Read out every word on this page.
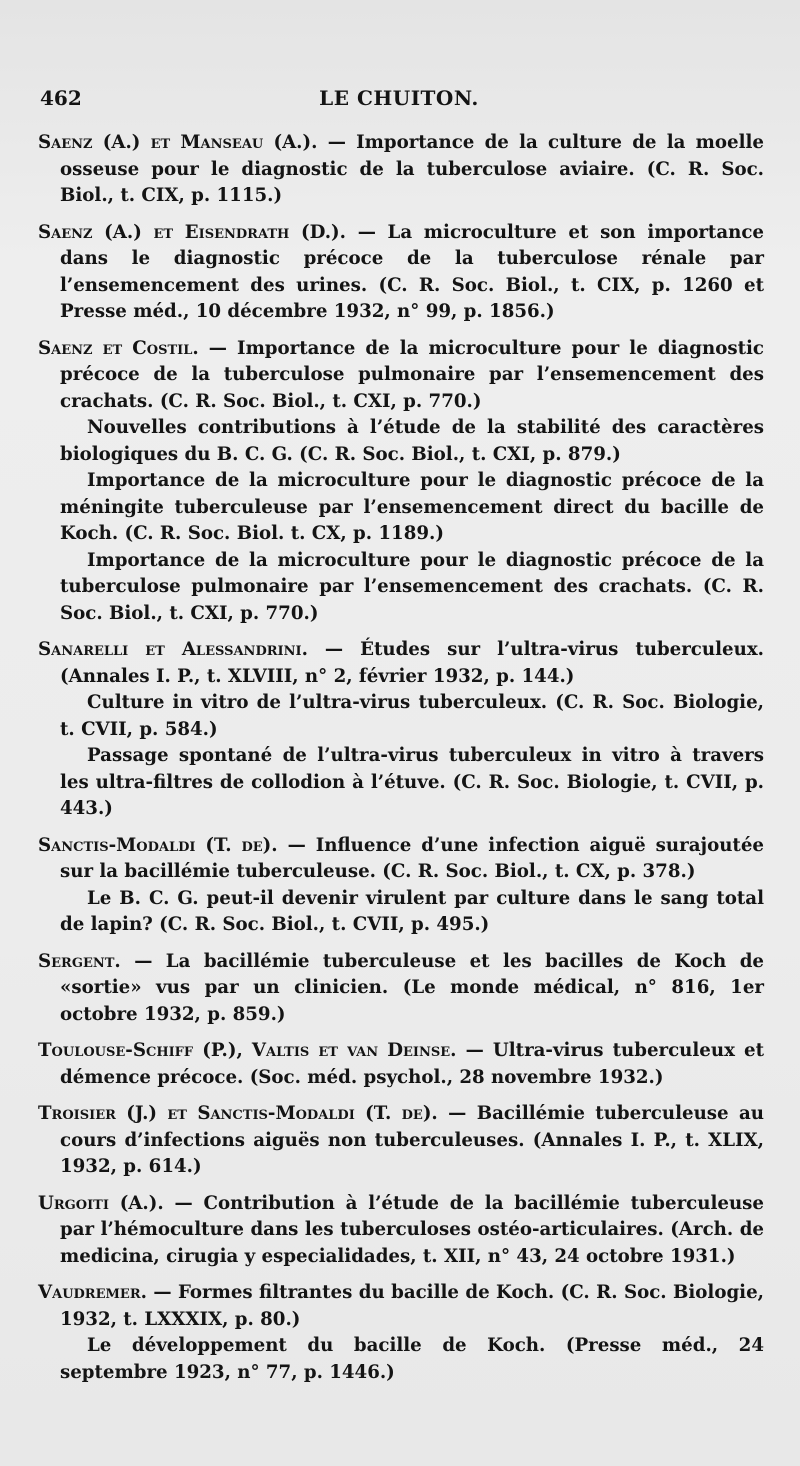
462	LE CHUITON.

Saenz (A.) et Manseau (A.). — Importance de la culture de la moelle osseuse pour le diagnostic de la tuberculose aviaire. (C. R. Soc. Biol., t. CIX, p. 1115.)

Saenz (A.) et Eisendrath (D.). — La microculture et son importance dans le diagnostic précoce de la tuberculose rénale par l’ensemencement des urines. (C. R. Soc. Biol., t. CIX, p. 1260 et Presse méd., 10 décembre 1932, n° 99, p. 1856.)

Saenz et Costil. — Importance de la microculture pour le diagnostic précoce de la tuberculose pulmonaire par l’ensemencement des crachats. (C. R. Soc. Biol., t. CXI, p. 770.)

Nouvelles contributions à l’étude de la stabilité des caractères biologiques du B. C. G. (C. R. Soc. Biol., t. CXI, p. 879.)

Importance de la microculture pour le diagnostic précoce de la méningite tuberculeuse par l’ensemencement direct du bacille de Koch. (C. R. Soc. Biol. t. CX, p. 1189.)

Importance de la microculture pour le diagnostic précoce de la tuberculose pulmonaire par l’ensemencement des crachats. (C. R. Soc. Biol., t. CXI, p. 770.)

Sanarelli et Alessandrini. — Études sur l’ultra-virus tuberculeux. (Annales I. P., t. XLVIII, n° 2, février 1932, p. 144.)

Culture in vitro de l’ultra-virus tuberculeux. (C. R. Soc. Biologie, t. CVII, p. 584.)

Passage spontané de l’ultra-virus tuberculeux in vitro à travers les ultra-filtres de collodion à l’étuve. (C. R. Soc. Biologie, t. CVII, p. 443.)

Sanctis-Modaldi (T. de). — Influence d’une infection aiguë surajoutée sur la bacillémie tuberculeuse. (C. R. Soc. Biol., t. CX, p. 378.)

Le B. C. G. peut-il devenir virulent par culture dans le sang total de lapin? (C. R. Soc. Biol., t. CVII, p. 495.)

Sergent. — La bacillémie tuberculeuse et les bacilles de Koch de «sortie» vus par un clinicien. (Le monde médical, n° 816, 1er octobre 1932, p. 859.)

Toulouse-Schiff (P.), Valtis et van Deinse. — Ultra-virus tuberculeux et démence précoce. (Soc. méd. psychol., 28 novembre 1932.)

Troisier (J.) et Sanctis-Modaldi (T. de). — Bacillémie tuberculeuse au cours d’infections aiguës non tuberculeuses. (Annales I. P., t. XLIX, 1932, p. 614.)

Urgoiti (A.). — Contribution à l’étude de la bacillémie tuberculeuse par l’hémoculture dans les tuberculoses ostéo-articulaires. (Arch. de medicina, cirugia y especialidades, t. XII, n° 43, 24 octobre 1931.)

Vaudremer. — Formes filtrantes du bacille de Koch. (C. R. Soc. Biologie, 1932, t. LXXXIX, p. 80.)

Le développement du bacille de Koch. (Presse méd., 24 septembre 1923, n° 77, p. 1446.)
